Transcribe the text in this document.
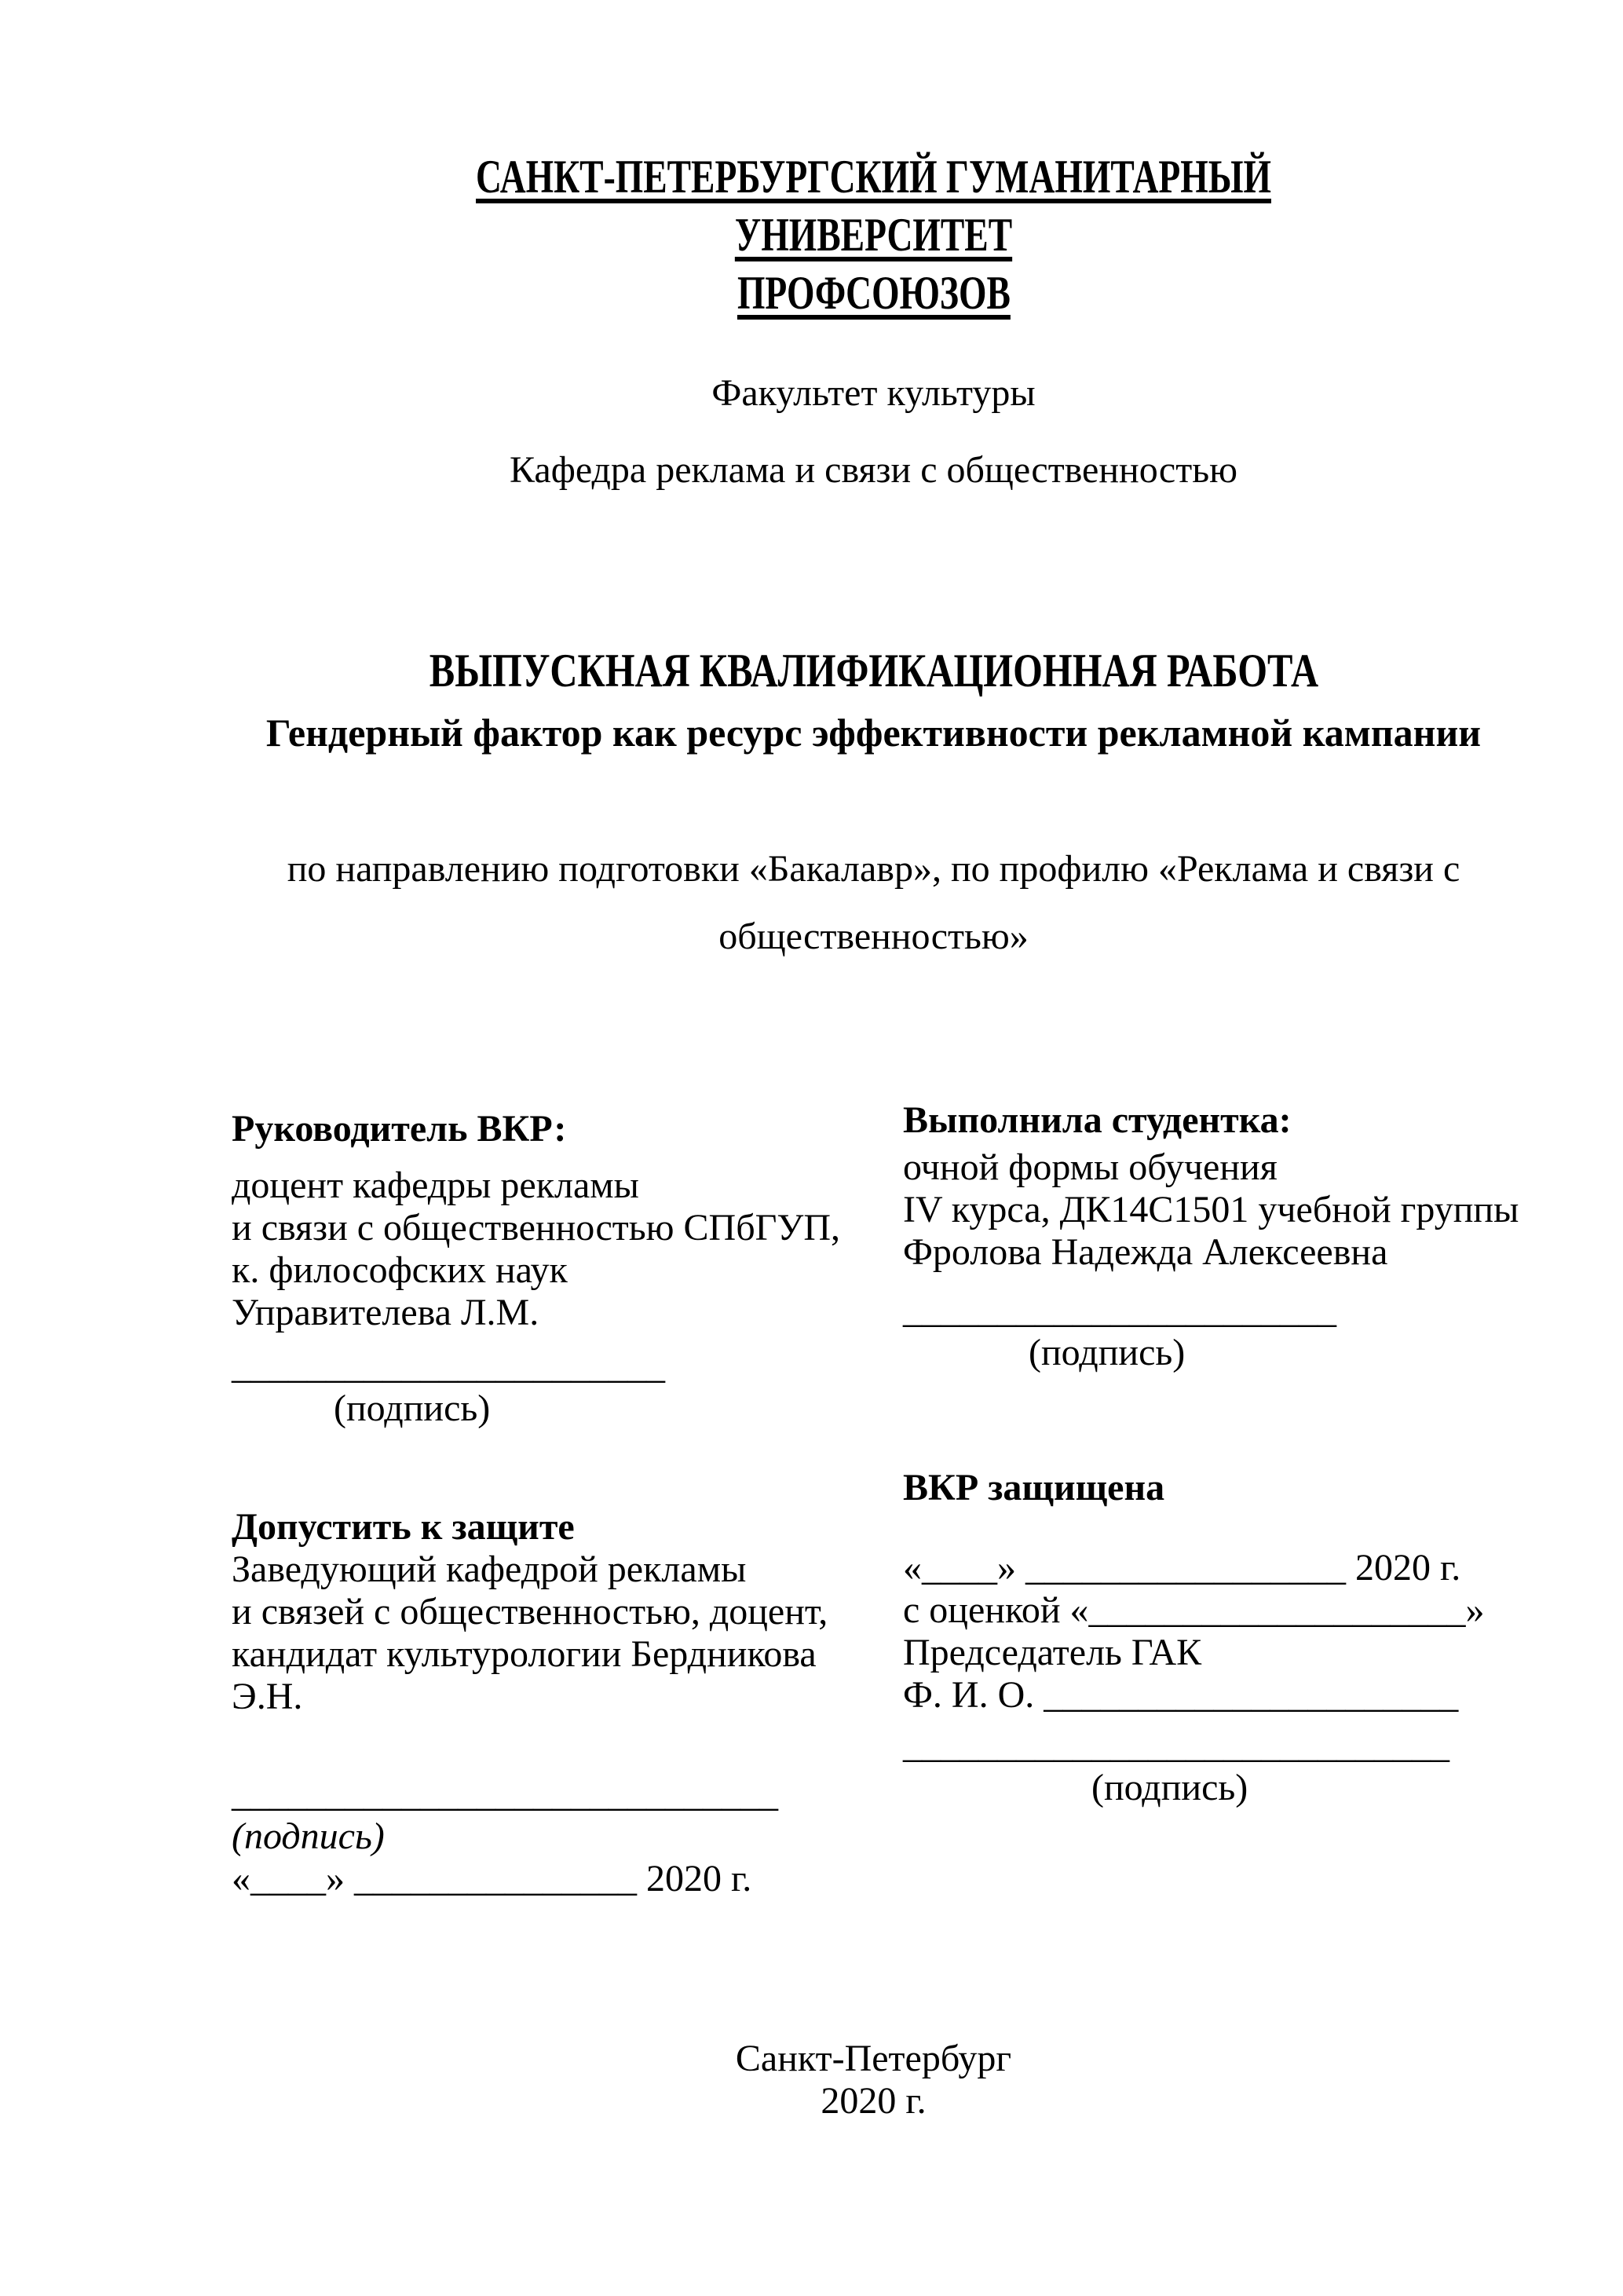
САНКТ-ПЕТЕРБУРГСКИЙ ГУМАНИТАРНЫЙ УНИВЕРСИТЕТ
ПРОФСОЮЗОВ
Факультет культуры
Кафедра реклама и связи с общественностью
ВЫПУСКНАЯ КВАЛИФИКАЦИОННАЯ РАБОТА
Гендерный фактор как ресурс эффективности рекламной кампании
по направлению подготовки «Бакалавр», по профилю «Реклама и связи с
общественностью»
Руководитель ВКР:
доцент кафедры рекламы
и связи с общественностью СПбГУП,
к. философских наук
Управителева Л.М.
_______________________
(подпись)
Выполнила студентка:
очной формы обучения
IV курса, ДК14С1501 учебной группы
Фролова Надежда Алексеевна
_______________________
(подпись)
Допустить к защите
Заведующий кафедрой рекламы
и связей с общественностью, доцент,
кандидат культурологии Бердникова
Э.Н.
_____________________________
(подпись)
«____» _______________ 2020 г.
ВКР защищена
«____» _________________ 2020 г.
с оценкой «____________________»
Председатель ГАК
Ф. И. О. ______________________
_____________________________
(подпись)
Санкт-Петербург
2020 г.
